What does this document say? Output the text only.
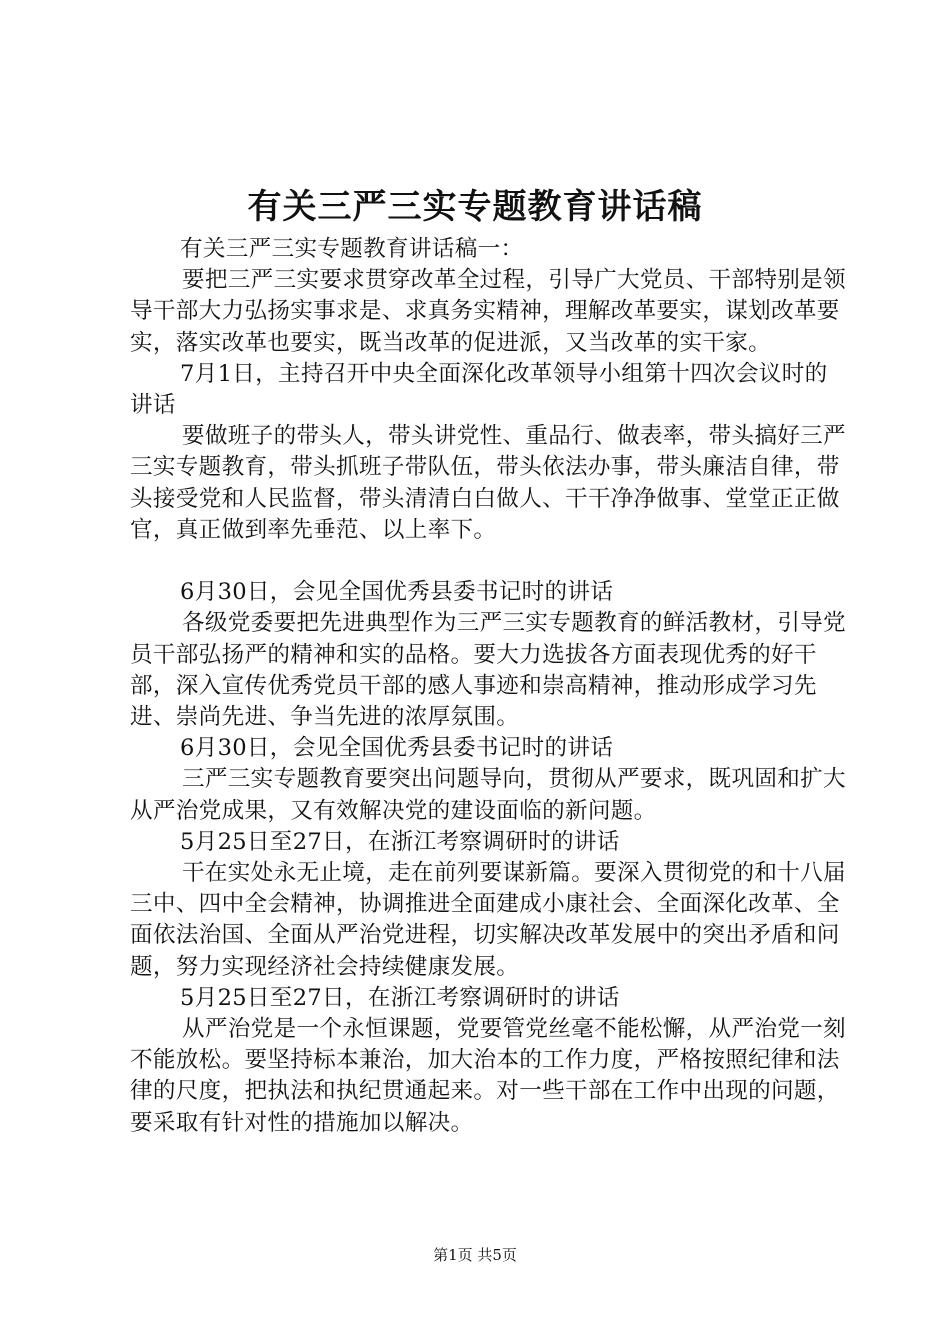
有关三严三实专题教育讲话稿

有关三严三实专题教育讲话稿一：

要把三严三实要求贯穿改革全过程，引导广大党员、干部特别是领导干部大力弘扬实事求是、求真务实精神，理解改革要实，谋划改革要实，落实改革也要实，既当改革的促进派，又当改革的实干家。

7月1日，主持召开中央全面深化改革领导小组第十四次会议时的讲话

要做班子的带头人，带头讲党性、重品行、做表率，带头搞好三严三实专题教育，带头抓班子带队伍，带头依法办事，带头廉洁自律，带头接受党和人民监督，带头清清白白做人、干干净净做事、堂堂正正做官，真正做到率先垂范、以上率下。

6月30日，会见全国优秀县委书记时的讲话

各级党委要把先进典型作为三严三实专题教育的鲜活教材，引导党员干部弘扬严的精神和实的品格。要大力选拔各方面表现优秀的好干部，深入宣传优秀党员干部的感人事迹和崇高精神，推动形成学习先进、崇尚先进、争当先进的浓厚氛围。

6月30日，会见全国优秀县委书记时的讲话

三严三实专题教育要突出问题导向，贯彻从严要求，既巩固和扩大从严治党成果，又有效解决党的建设面临的新问题。

5月25日至27日，在浙江考察调研时的讲话

干在实处永无止境，走在前列要谋新篇。要深入贯彻党的和十八届三中、四中全会精神，协调推进全面建成小康社会、全面深化改革、全面依法治国、全面从严治党进程，切实解决改革发展中的突出矛盾和问题，努力实现经济社会持续健康发展。

5月25日至27日，在浙江考察调研时的讲话

从严治党是一个永恒课题，党要管党丝毫不能松懈，从严治党一刻不能放松。要坚持标本兼治，加大治本的工作力度，严格按照纪律和法律的尺度，把执法和执纪贯通起来。对一些干部在工作中出现的问题，要采取有针对性的措施加以解决。

第1页 共5页
